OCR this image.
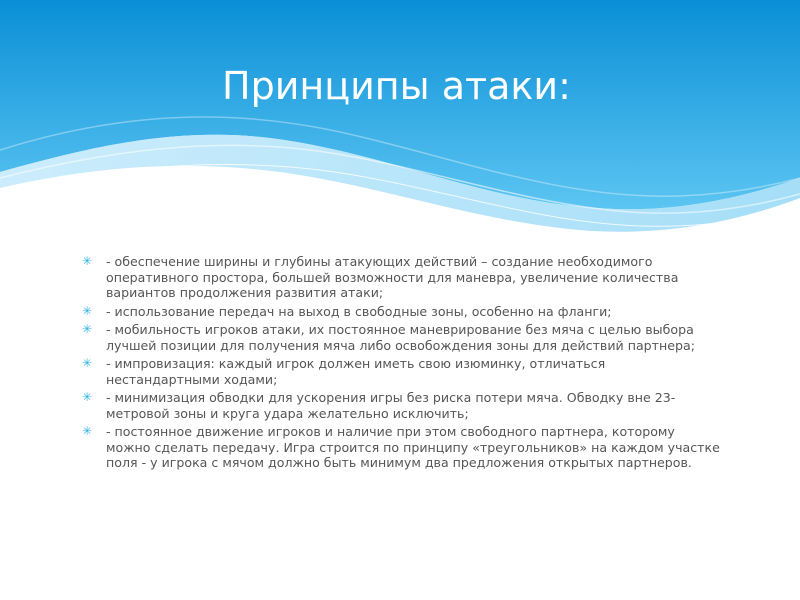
Принципы атаки:
✳ - обеспечение ширины и глубины атакующих действий – создание необходимого оперативного простора, большей возможности для маневра, увеличение количества вариантов продолжения развития атаки;
✳ - использование передач на выход в свободные зоны, особенно на фланги;
✳ - мобильность игроков атаки, их постоянное маневрирование без мяча с целью выбора лучшей позиции для получения мяча либо освобождения зоны для действий партнера;
✳ - импровизация: каждый игрок должен иметь свою изюминку, отличаться нестандартными ходами;
✳ - минимизация обводки для ускорения игры без риска потери мяча. Обводку вне 23-метровой зоны и круга удара желательно исключить;
✳ - постоянное движение игроков и наличие при этом свободного партнера, которому можно сделать передачу. Игра строится по принципу «треугольников» на каждом участке поля - у игрока с мячом должно быть минимум два предложения открытых партнеров.
